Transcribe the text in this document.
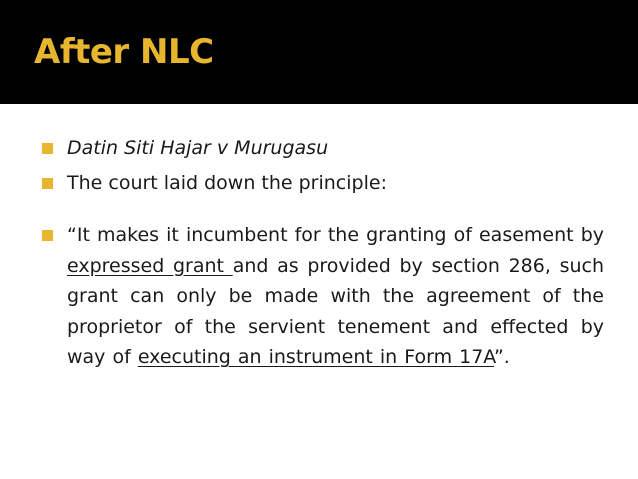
After NLC
Datin Siti Hajar v Murugasu
The court laid down the principle:
“It makes it incumbent for the granting of easement by expressed grant and as provided by section 286, such grant can only be made with the agreement of the proprietor of the servient tenement and effected by way of executing an instrument in Form 17A”.
